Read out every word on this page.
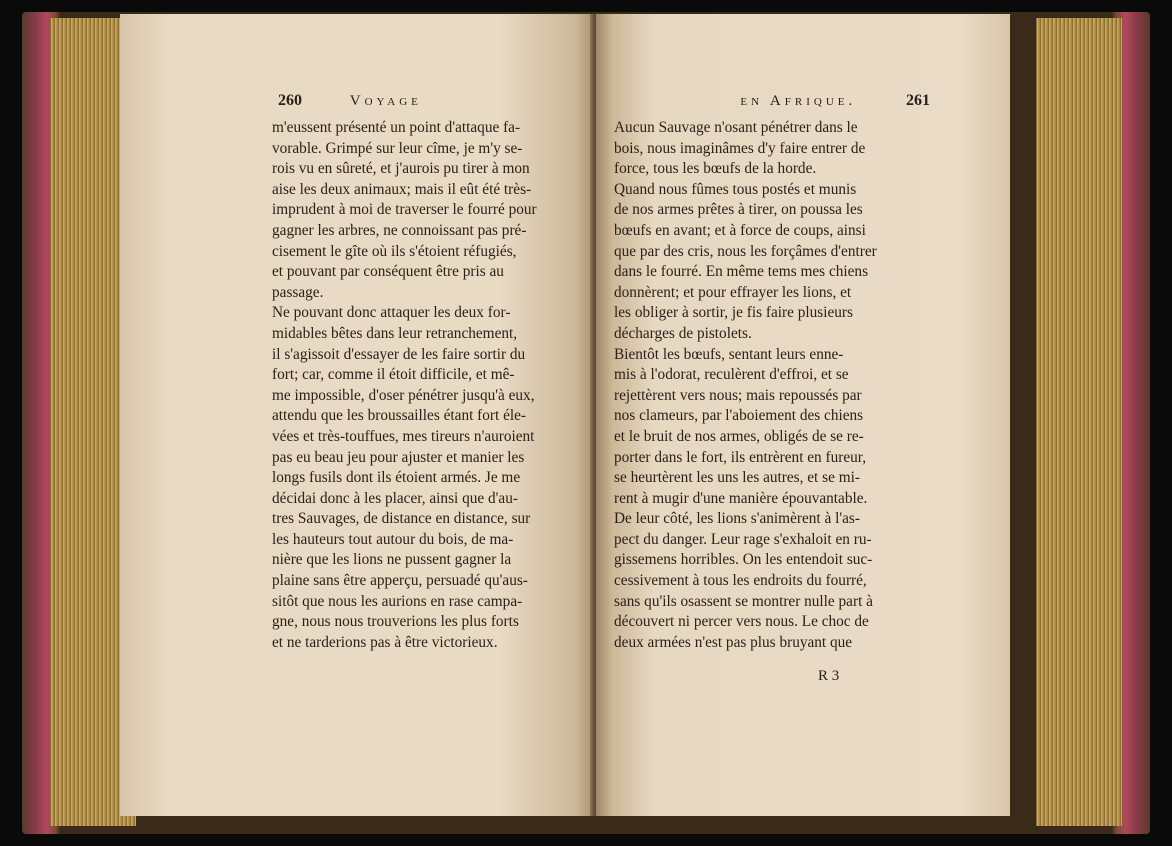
260	Voyage
m'eussent présenté un point d'attaque fa-
vorable. Grimpé sur leur cîme, je m'y se-
rois vu en sûreté, et j'aurois pu tirer à mon
aise les deux animaux; mais il eût été très-
imprudent à moi de traverser le fourré pour
gagner les arbres, ne connoissant pas pré-
cisement le gîte où ils s'étoient réfugiés,
et pouvant par conséquent être pris au
passage.
Ne pouvant donc attaquer les deux for-
midables bêtes dans leur retranchement,
il s'agissoit d'essayer de les faire sortir du
fort; car, comme il étoit difficile, et mê-
me impossible, d'oser pénétrer jusqu'à eux,
attendu que les broussailles étant fort éle-
vées et très-touffues, mes tireurs n'auroient
pas eu beau jeu pour ajuster et manier les
longs fusils dont ils étoient armés. Je me
décidai donc à les placer, ainsi que d'au-
tres Sauvages, de distance en distance, sur
les hauteurs tout autour du bois, de ma-
nière que les lions ne pussent gagner la
plaine sans être apperçu, persuadé qu'aus-
sitôt que nous les aurions en rase campa-
gne, nous nous trouverions les plus forts
et ne tarderions pas à être victorieux.
en Afrique.	261
Aucun Sauvage n'osant pénétrer dans le
bois, nous imaginâmes d'y faire entrer de
force, tous les bœufs de la horde.
Quand nous fûmes tous postés et munis
de nos armes prêtes à tirer, on poussa les
bœufs en avant; et à force de coups, ainsi
que par des cris, nous les forçâmes d'entrer
dans le fourré. En même tems mes chiens
donnèrent; et pour effrayer les lions, et
les obliger à sortir, je fis faire plusieurs
décharges de pistolets.
Bientôt les bœufs, sentant leurs enne-
mis à l'odorat, reculèrent d'effroi, et se
rejettèrent vers nous; mais repoussés par
nos clameurs, par l'aboiement des chiens
et le bruit de nos armes, obligés de se re-
porter dans le fort, ils entrèrent en fureur,
se heurtèrent les uns les autres, et se mi-
rent à mugir d'une manière épouvantable.
De leur côté, les lions s'animèrent à l'as-
pect du danger. Leur rage s'exhaloit en ru-
gissemens horribles. On les entendoit suc-
cessivement à tous les endroits du fourré,
sans qu'ils osassent se montrer nulle part à
découvert ni percer vers nous. Le choc de
deux armées n'est pas plus bruyant que
R 3
